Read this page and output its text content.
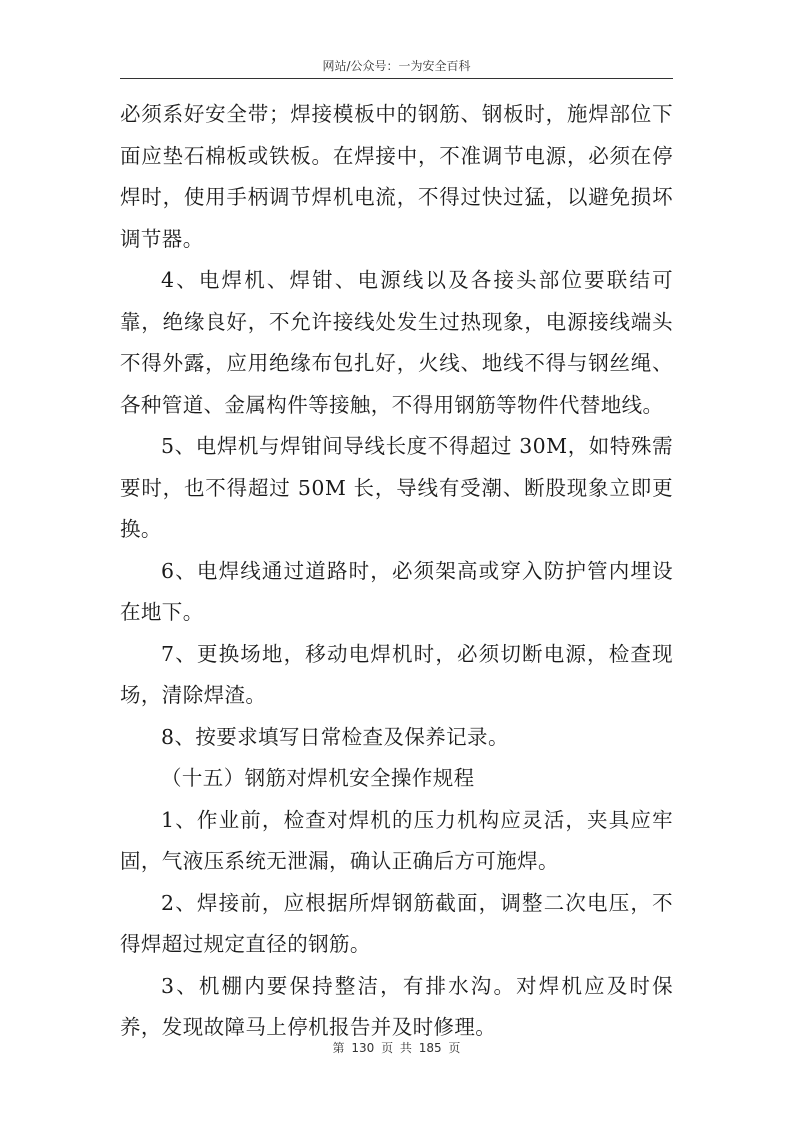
网站/公众号：一为安全百科

必须系好安全带；焊接模板中的钢筋、钢板时，施焊部位下面应垫石棉板或铁板。在焊接中，不准调节电源，必须在停焊时，使用手柄调节焊机电流，不得过快过猛，以避免损坏调节器。

4、电焊机、焊钳、电源线以及各接头部位要联结可靠，绝缘良好，不允许接线处发生过热现象，电源接线端头不得外露，应用绝缘布包扎好，火线、地线不得与钢丝绳、各种管道、金属构件等接触，不得用钢筋等物件代替地线。

5、电焊机与焊钳间导线长度不得超过 30M，如特殊需要时，也不得超过 50M 长，导线有受潮、断股现象立即更换。

6、电焊线通过道路时，必须架高或穿入防护管内埋设在地下。

7、更换场地，移动电焊机时，必须切断电源，检查现场，清除焊渣。

8、按要求填写日常检查及保养记录。

（十五）钢筋对焊机安全操作规程

1、作业前，检查对焊机的压力机构应灵活，夹具应牢固，气液压系统无泄漏，确认正确后方可施焊。

2、焊接前，应根据所焊钢筋截面，调整二次电压，不得焊超过规定直径的钢筋。

3、机棚内要保持整洁，有排水沟。对焊机应及时保养，发现故障马上停机报告并及时修理。

第 130 页 共 185 页
